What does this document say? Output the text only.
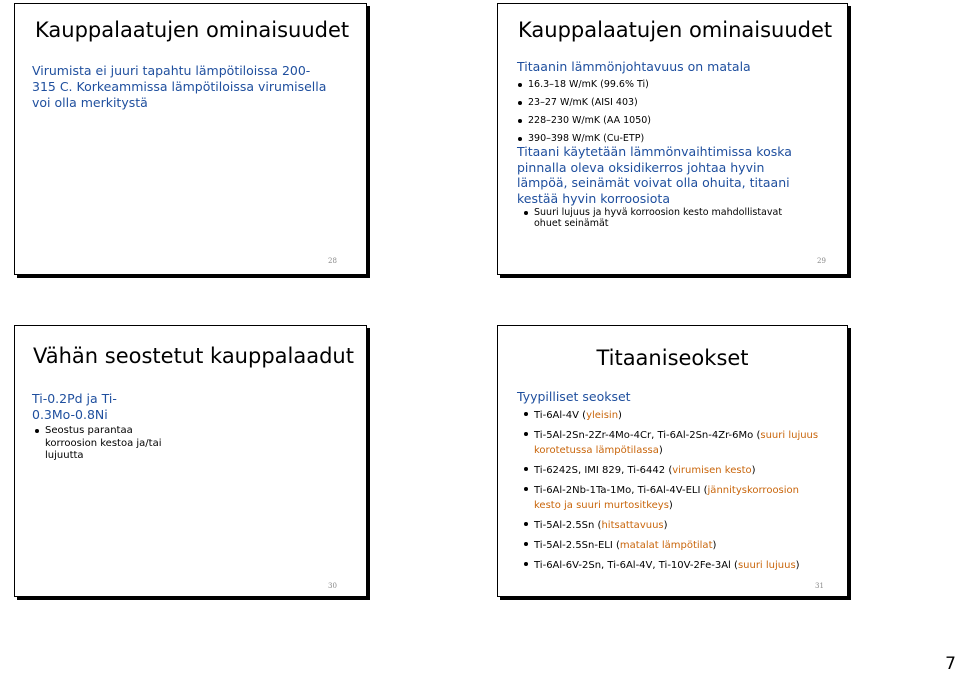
Kauppalaatujen ominaisuudet
Virumista ei juuri tapahtu lämpötiloissa 200-315 C. Korkeammissa lämpötiloissa virumisella voi olla merkitystä
28
Kauppalaatujen ominaisuudet
Titaanin lämmönjohtavuus on matala
16.3–18 W/mK (99.6% Ti)
23–27 W/mK (AISI 403)
228–230 W/mK (AA 1050)
390–398 W/mK (Cu-ETP)
Titaani käytetään lämmönvaihtimissa koska pinnalla oleva oksidikerros johtaa hyvin lämpöä, seinämät voivat olla ohuita, titaani kestää hyvin korroosiota
Suuri lujuus ja hyvä korroosion kesto mahdollistavat ohuet seinämät
29
Vähän seostetut kauppalaadut
Ti-0.2Pd ja Ti-0.3Mo-0.8Ni
Seostus parantaa korroosion kestoa ja/tai lujuutta
30
Titaaniseokset
Tyypilliset seokset
Ti-6Al-4V (yleisin)
Ti-5Al-2Sn-2Zr-4Mo-4Cr, Ti-6Al-2Sn-4Zr-6Mo (suuri lujuus korotetussa lämpötilassa)
Ti-6242S, IMI 829, Ti-6442 (virumisen kesto)
Ti-6Al-2Nb-1Ta-1Mo, Ti-6Al-4V-ELI (jännityskorroosion kesto ja suuri murtositkeys)
Ti-5Al-2.5Sn (hitsattavuus)
Ti-5Al-2.5Sn-ELI (matalat lämpötilat)
Ti-6Al-6V-2Sn, Ti-6Al-4V, Ti-10V-2Fe-3Al (suuri lujuus)
31
7
